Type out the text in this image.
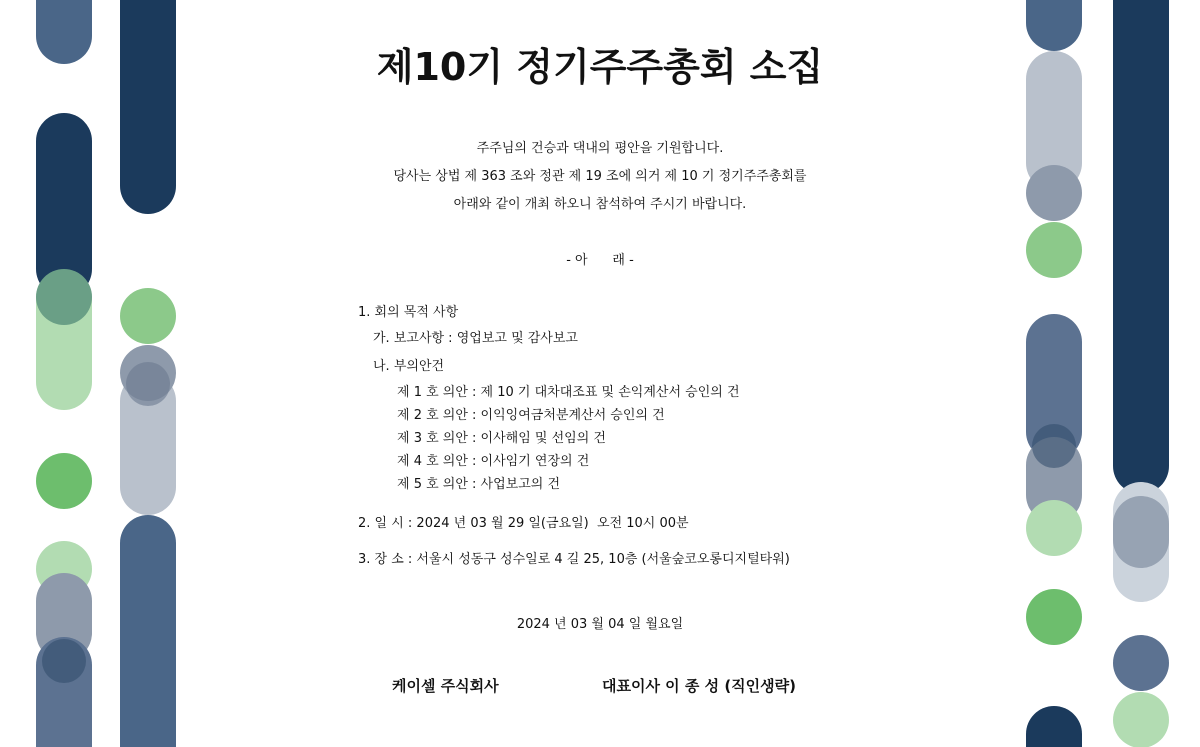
제10기 정기주주총회 소집
주주님의 건승과 댁내의 평안을 기원합니다.
당사는 상법 제 363 조와 정관 제 19 조에 의거 제 10 기 정기주주총회를
아래와 같이 개최 하오니 참석하여 주시기 바랍니다.
- 아      래 -
1. 회의 목적 사항
가. 보고사항 : 영업보고 및 감사보고
나. 부의안건
제 1 호 의안 : 제 10 기 대차대조표 및 손익계산서 승인의 건
제 2 호 의안 : 이익잉여금처분계산서 승인의 건
제 3 호 의안 : 이사해임 및 선임의 건
제 4 호 의안 : 이사임기 연장의 건
제 5 호 의안 : 사업보고의 건
2. 일 시 : 2024 년 03 월 29 일(금요일)  오전 10시 00분
3. 장 소 : 서울시 성동구 성수일로 4 길 25, 10층 (서울숲코오롱디지털타워)
2024 년 03 월 04 일 월요일
케이셀 주식회사	대표이사 이 종 성 (직인생략)
